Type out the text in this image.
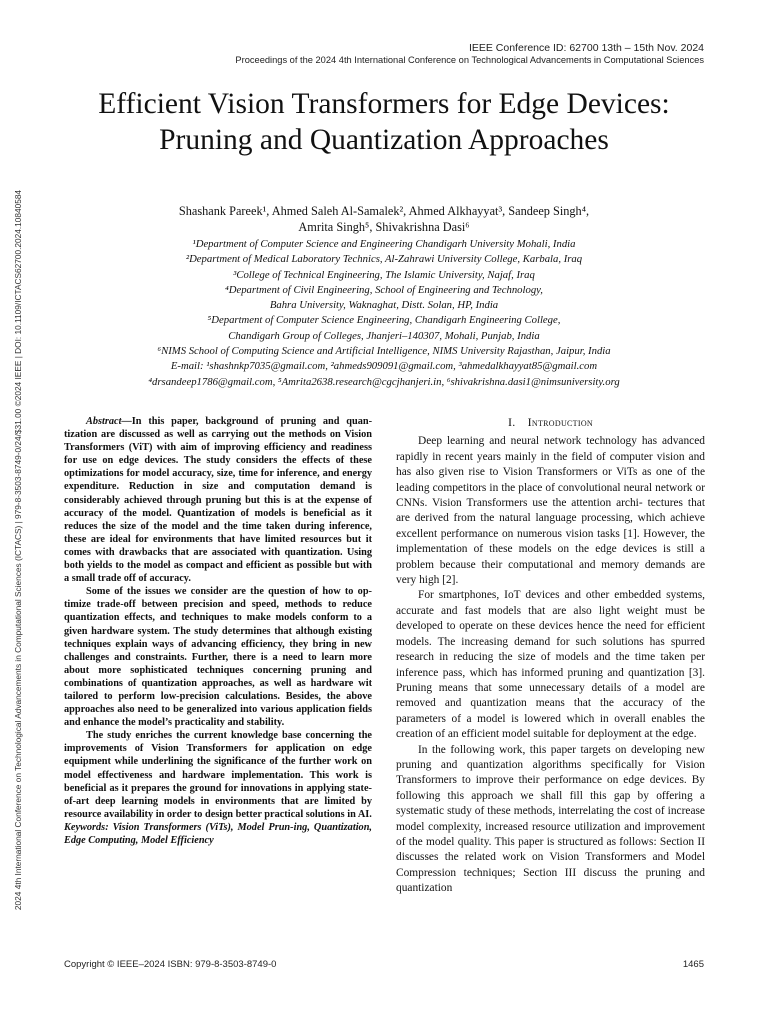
IEEE Conference ID: 62700 13th – 15th Nov. 2024
Proceedings of the 2024 4th International Conference on Technological Advancements in Computational Sciences
2024 4th International Conference on Technological Advancements in Computational Sciences (ICTACS) | 979-8-3503-8749-0/24/$31.00 ©2024 IEEE | DOI: 10.1109/ICTACS62700.2024.10840584
Efficient Vision Transformers for Edge Devices:
Pruning and Quantization Approaches
Shashank Pareek¹, Ahmed Saleh Al-Samalek², Ahmed Alkhayyat³, Sandeep Singh⁴,
Amrita Singh⁵, Shivakrishna Dasi⁶
¹Department of Computer Science and Engineering Chandigarh University Mohali, India
²Department of Medical Laboratory Technics, Al-Zahrawi University College, Karbala, Iraq
³College of Technical Engineering, The Islamic University, Najaf, Iraq
⁴Department of Civil Engineering, School of Engineering and Technology,
Bahra University, Waknaghat, Distt. Solan, HP, India
⁵Department of Computer Science Engineering, Chandigarh Engineering College,
Chandigarh Group of Colleges, Jhanjeri–140307, Mohali, Punjab, India
⁶NIMS School of Computing Science and Artificial Intelligence, NIMS University Rajasthan, Jaipur, India
E-mail: ¹shashnkp7035@gmail.com, ²ahmeds909091@gmail.com, ³ahmedalkhayyat85@gmail.com
⁴drsandeep1786@gmail.com, ⁵Amrita2638.research@cgcjhanjeri.in, ⁶shivakrishna.dasi1@nimsuniversity.org

Abstract—In this paper, background of pruning and quan-tization are discussed as well as carrying out the methods on Vision Transformers (ViT) with aim of improving efficiency and readiness for use on edge devices. The study considers the effects of these optimizations for model accuracy, size, time for inference, and energy expenditure. Reduction in size and computation demand is considerably achieved through pruning but this is at the expense of accuracy of the model. Quantization of models is beneficial as it reduces the size of the model and the time taken during inference, these are ideal for environments that have limited resources but it comes with drawbacks that are associated with quantization. Using both yields to the model as compact and efficient as possible but with a small trade off of accuracy.

Some of the issues we consider are the question of how to op-timize trade-off between precision and speed, methods to reduce quantization effects, and techniques to make models conform to a given hardware system. The study determines that although existing techniques explain ways of advancing efficiency, they bring in new challenges and constraints. Further, there is a need to learn more about more sophisticated techniques concerning pruning and combinations of quantization approaches, as well as hardware wit tailored to perform low-precision calculations. Besides, the above approaches also need to be generalized into various application fields and enhance the model’s practicality and stability.

The study enriches the current knowledge base concerning the improvements of Vision Transformers for application on edge equipment while underlining the significance of the further work on model effectiveness and hardware implementation. This work is beneficial as it prepares the ground for innovations in applying state-of-art deep learning models in environments that are limited by resource availability in order to design better practical solutions in AI.

Keywords: Vision Transformers (ViTs), Model Prun-ing, Quantization, Edge Computing, Model Efficiency

I. Introduction

Deep learning and neural network technology has advanced rapidly in recent years mainly in the field of computer vision and has also given rise to Vision Transformers or ViTs as one of the leading competitors in the place of convolutional neural network or CNNs. Vision Transformers use the attention archi- tectures that are derived from the natural language processing, which achieve excellent performance on numerous vision tasks [1]. However, the implementation of these models on the edge devices is still a problem because their computational and memory demands are very high [2].

For smartphones, IoT devices and other embedded systems, accurate and fast models that are also light weight must be developed to operate on these devices hence the need for efficient models. The increasing demand for such solutions has spurred research in reducing the size of models and the time taken per inference pass, which has informed pruning and quantization [3]. Pruning means that some unnecessary details of a model are removed and quantization means that the accuracy of the parameters of a model is lowered which in overall enables the creation of an efficient model suitable for deployment at the edge.

In the following work, this paper targets on developing new pruning and quantization algorithms specifically for Vision Transformers to improve their performance on edge devices. By following this approach we shall fill this gap by offering a systematic study of these methods, interrelating the cost of increase model complexity, increased resource utilization and improvement of the model quality. This paper is structured as follows: Section II discusses the related work on Vision Transformers and Model Compression techniques; Section III discuss the pruning and quantization

Copyright © IEEE–2024 ISBN: 979-8-3503-8749-0	1465
